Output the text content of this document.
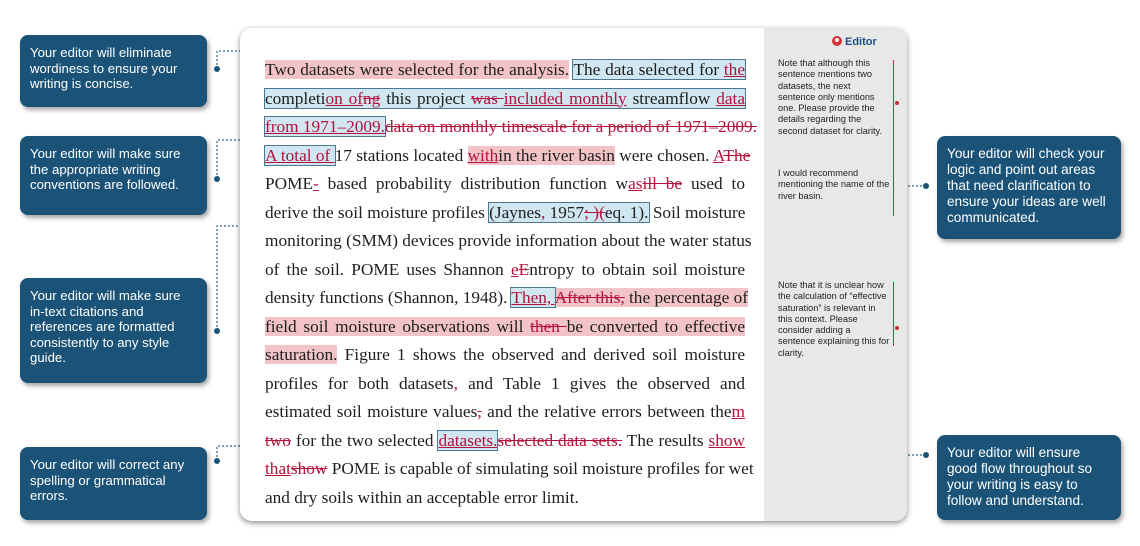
Your editor will eliminate wordiness to ensure your writing is concise.
Your editor will make sure the appropriate writing conventions are followed.
Your editor will make sure in-text citations and references are formatted consistently to any style guide.
Your editor will correct any spelling or grammatical errors.
Your editor will check your logic and point out areas that need clarification to ensure your ideas are well communicated.
Your editor will ensure good flow throughout so your writing is easy to follow and understand.
Editor
Note that although this sentence mentions two datasets, the next sentence only mentions one. Please provide the details regarding the second dataset for clarity.
I would recommend mentioning the name of the river basin.
Note that it is unclear how the calculation of “effective saturation” is relevant in this context. Please consider adding a sentence explaining this for clarity.
Two datasets were selected for the analysis. The data selected for the
completion ofng this project was included monthly streamflow data
from 1971–2009.data on monthly timescale for a period of 1971–2009.
A total of 17 stations located within the river basin were chosen. AThe
POME- based probability distribution function wasill be used to
derive the soil moisture profiles (Jaynes, 1957; )(eq. 1). Soil moisture
monitoring (SMM) devices provide information about the water status
of the soil. POME uses Shannon eEntropy to obtain soil moisture
density functions (Shannon, 1948). Then, After this, the percentage of
field soil moisture observations will then be converted to effective
saturation. Figure 1 shows the observed and derived soil moisture
profiles for both datasets, and Table 1 gives the observed and
estimated soil moisture values, and the relative errors between them
two for the two selected datasets.selected data sets. The results show
thatshow POME is capable of simulating soil moisture profiles for wet
and dry soils within an acceptable error limit.
